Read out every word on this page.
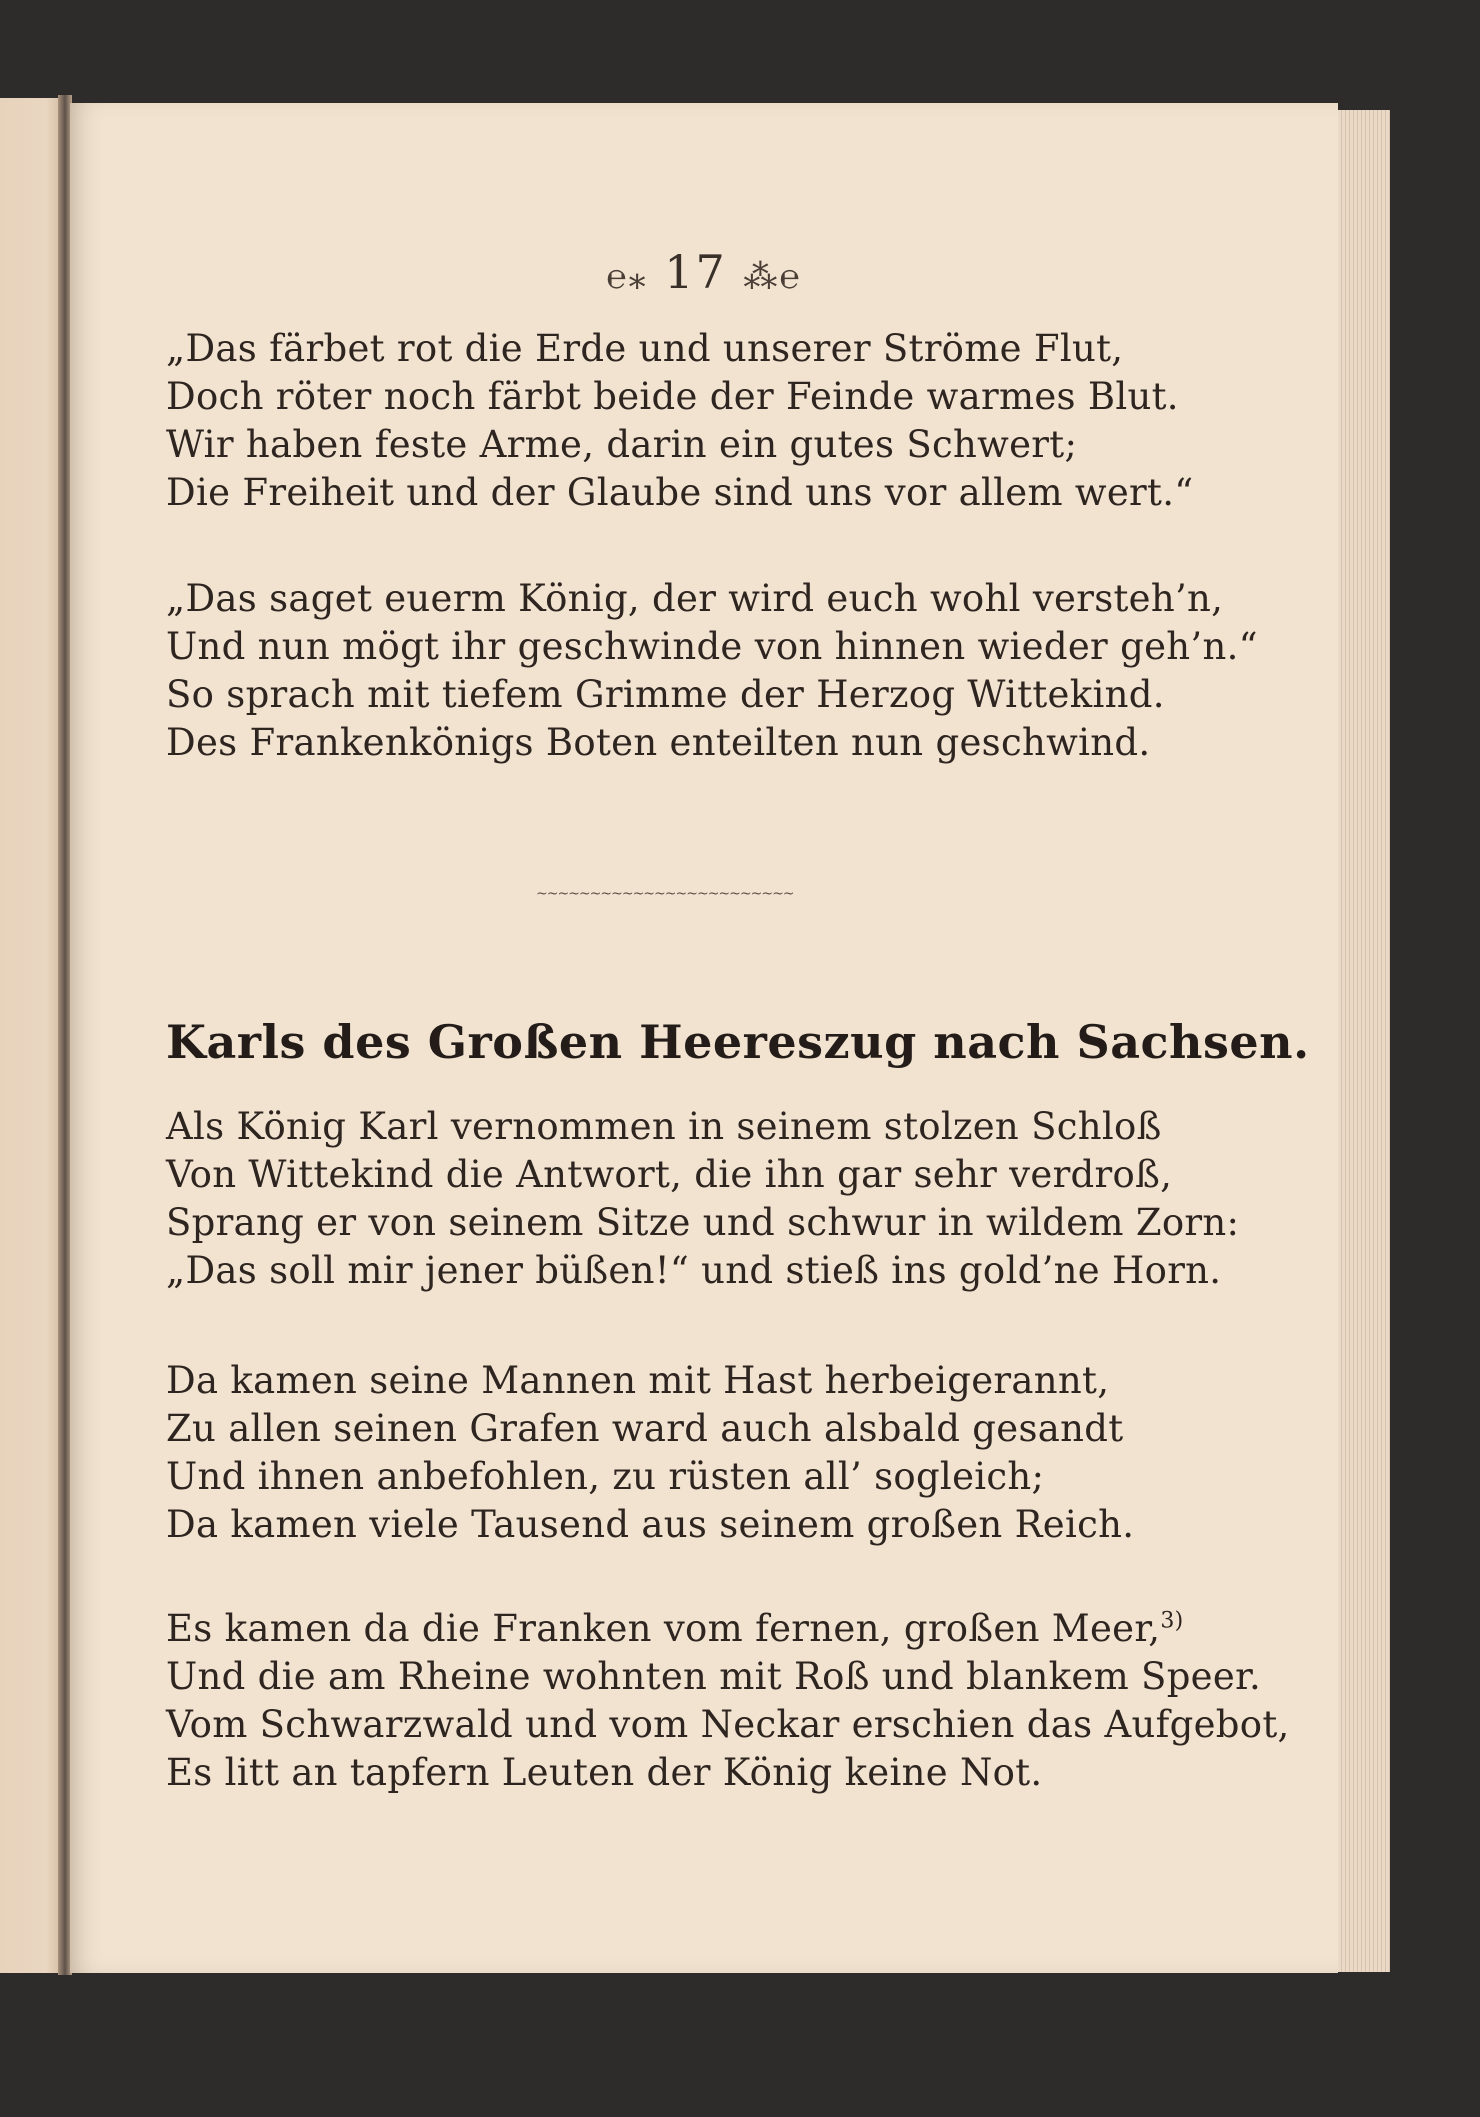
℮⁎ 17 ⁂℮
„Das färbet rot die Erde und unserer Ströme Flut,
Doch röter noch färbt beide der Feinde warmes Blut.
Wir haben feste Arme, darin ein gutes Schwert;
Die Freiheit und der Glaube sind uns vor allem wert.“
„Das saget euerm König, der wird euch wohl versteh’n,
Und nun mögt ihr geschwinde von hinnen wieder geh’n.“
So sprach mit tiefem Grimme der Herzog Wittekind.
Des Frankenkönigs Boten enteilten nun geschwind.
~~~~~~~~~~~~~~~~~~~~~~~~
Karls des Großen Heereszug nach Sachsen.
Als König Karl vernommen in seinem stolzen Schloß
Von Wittekind die Antwort, die ihn gar sehr verdroß,
Sprang er von seinem Sitze und schwur in wildem Zorn:
„Das soll mir jener büßen!“ und stieß ins gold’ne Horn.
Da kamen seine Mannen mit Hast herbeigerannt,
Zu allen seinen Grafen ward auch alsbald gesandt
Und ihnen anbefohlen, zu rüsten all’ sogleich;
Da kamen viele Tausend aus seinem großen Reich.
Es kamen da die Franken vom fernen, großen Meer,$^{3)}$
Und die am Rheine wohnten mit Roß und blankem Speer.
Vom Schwarzwald und vom Neckar erschien das Aufgebot,
Es litt an tapfern Leuten der König keine Not.
